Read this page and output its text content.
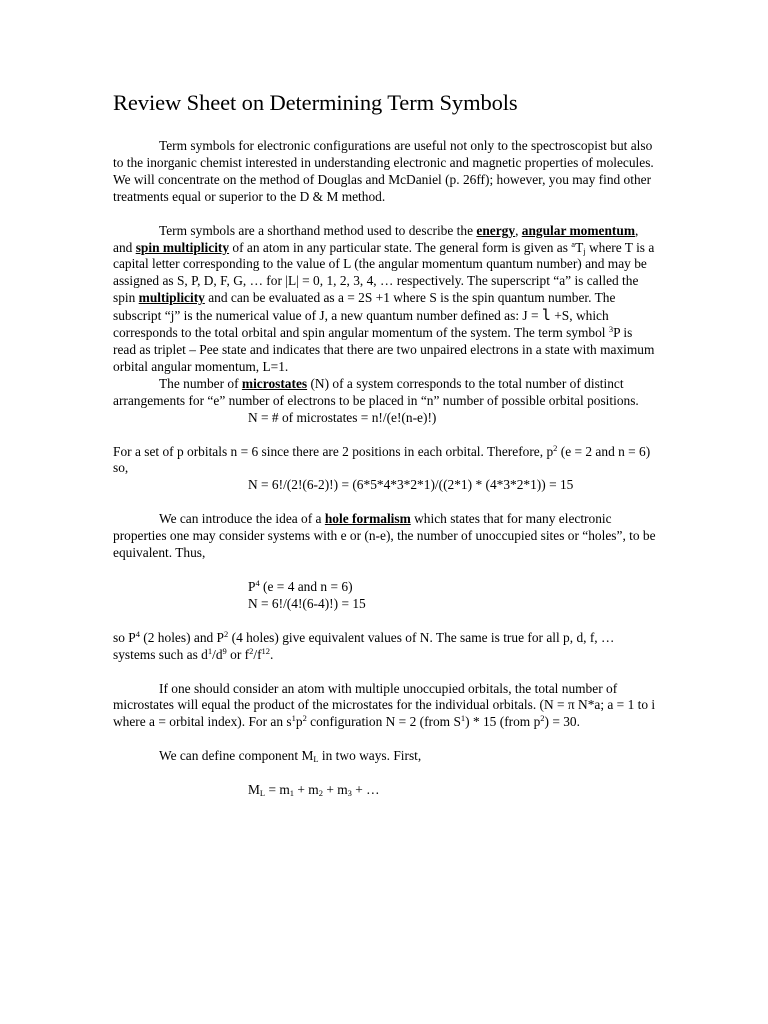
Review Sheet on Determining Term Symbols

Term symbols for electronic configurations are useful not only to the spectroscopist but also to the inorganic chemist interested in understanding electronic and magnetic properties of molecules. We will concentrate on the method of Douglas and McDaniel (p. 26ff); however, you may find other treatments equal or superior to the D & M method.

Term symbols are a shorthand method used to describe the energy, angular momentum, and spin multiplicity of an atom in any particular state. The general form is given as $^aT_j$ where T is a capital letter corresponding to the value of L (the angular momentum quantum number) and may be assigned as S, P, D, F, G, … for |L| = 0, 1, 2, 3, 4, … respectively. The superscript “a” is called the spin multiplicity and can be evaluated as a = 2S +1 where S is the spin quantum number. The subscript “j” is the numerical value of J, a new quantum number defined as: J = l +S, which corresponds to the total orbital and spin angular momentum of the system. The term symbol $^3$P is read as triplet – Pee state and indicates that there are two unpaired electrons in a state with maximum orbital angular momentum, L=1.

The number of microstates (N) of a system corresponds to the total number of distinct arrangements for “e” number of electrons to be placed in “n” number of possible orbital positions.

N = # of microstates = n!/(e!(n-e)!)

For a set of p orbitals n = 6 since there are 2 positions in each orbital. Therefore, $p^2$ (e = 2 and n = 6) so,

N = 6!/(2!(6-2)!) = (6*5*4*3*2*1)/((2*1) * (4*3*2*1)) = 15

We can introduce the idea of a hole formalism which states that for many electronic properties one may consider systems with e or (n-e), the number of unoccupied sites or “holes”, to be equivalent. Thus,

$P^4$ (e = 4 and n = 6)

N = 6!/(4!(6-4)!) = 15

so $P^4$ (2 holes) and $P^2$ (4 holes) give equivalent values of N. The same is true for all p, d, f, … systems such as $d^1/d^9$ or $f^2/f^{12}$.

If one should consider an atom with multiple unoccupied orbitals, the total number of microstates will equal the product of the microstates for the individual orbitals. (N = π N*a; a = 1 to i where a = orbital index). For an $s^1p^2$ configuration N = 2 (from $S^1) * 15$ (from $p^2) = 30$.

We can define component $M_L$ in two ways. First,

$M_L = m_1 + m_2 + m_3$ + …
